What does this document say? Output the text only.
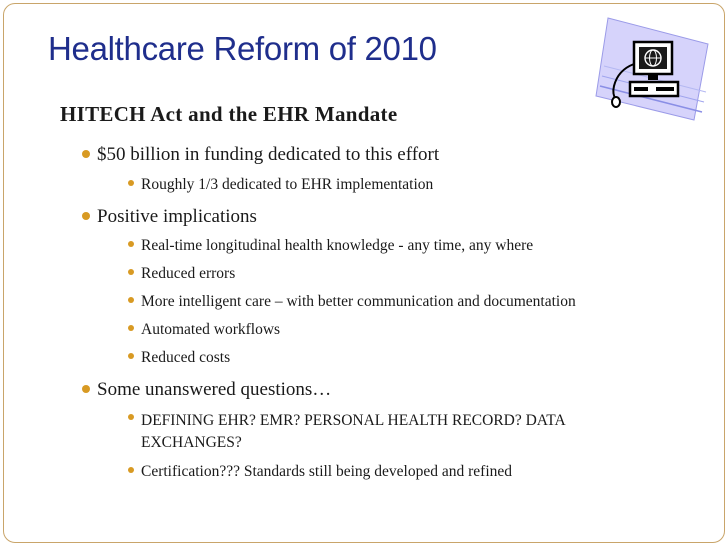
Healthcare Reform of 2010
HITECH Act and the EHR Mandate
$50 billion in funding dedicated to this effort
Roughly 1/3 dedicated to EHR implementation
Positive implications
Real-time longitudinal health knowledge - any time, any where
Reduced errors
More intelligent care – with better communication and documentation
Automated workflows
Reduced costs
Some unanswered questions…
DEFINING EHR? EMR? PERSONAL HEALTH RECORD? DATA EXCHANGES?
Certification??? Standards still being developed and refined
